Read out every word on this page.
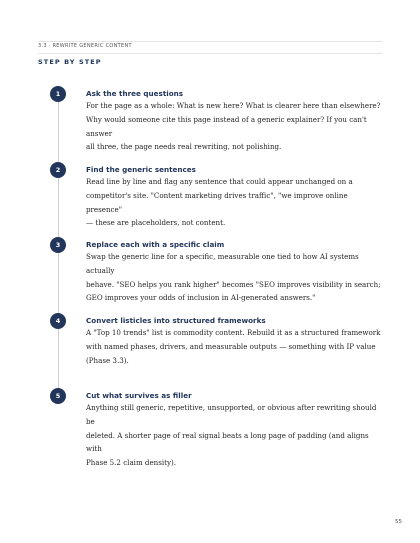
3.3 · REWRITE GENERIC CONTENT
STEP BY STEP
1	Ask the three questions
For the page as a whole: What is new here? What is clearer here than elsewhere?
Why would someone cite this page instead of a generic explainer? If you can't answer
all three, the page needs real rewriting, not polishing.
2	Find the generic sentences
Read line by line and flag any sentence that could appear unchanged on a
competitor's site. "Content marketing drives traffic", "we improve online presence"
— these are placeholders, not content.
3	Replace each with a specific claim
Swap the generic line for a specific, measurable one tied to how AI systems actually
behave. "SEO helps you rank higher" becomes "SEO improves visibility in search;
GEO improves your odds of inclusion in AI-generated answers."
4	Convert listicles into structured frameworks
A "Top 10 trends" list is commodity content. Rebuild it as a structured framework
with named phases, drivers, and measurable outputs — something with IP value
(Phase 3.3).
5	Cut what survives as filler
Anything still generic, repetitive, unsupported, or obvious after rewriting should be
deleted. A shorter page of real signal beats a long page of padding (and aligns with
Phase 5.2 claim density).
55
